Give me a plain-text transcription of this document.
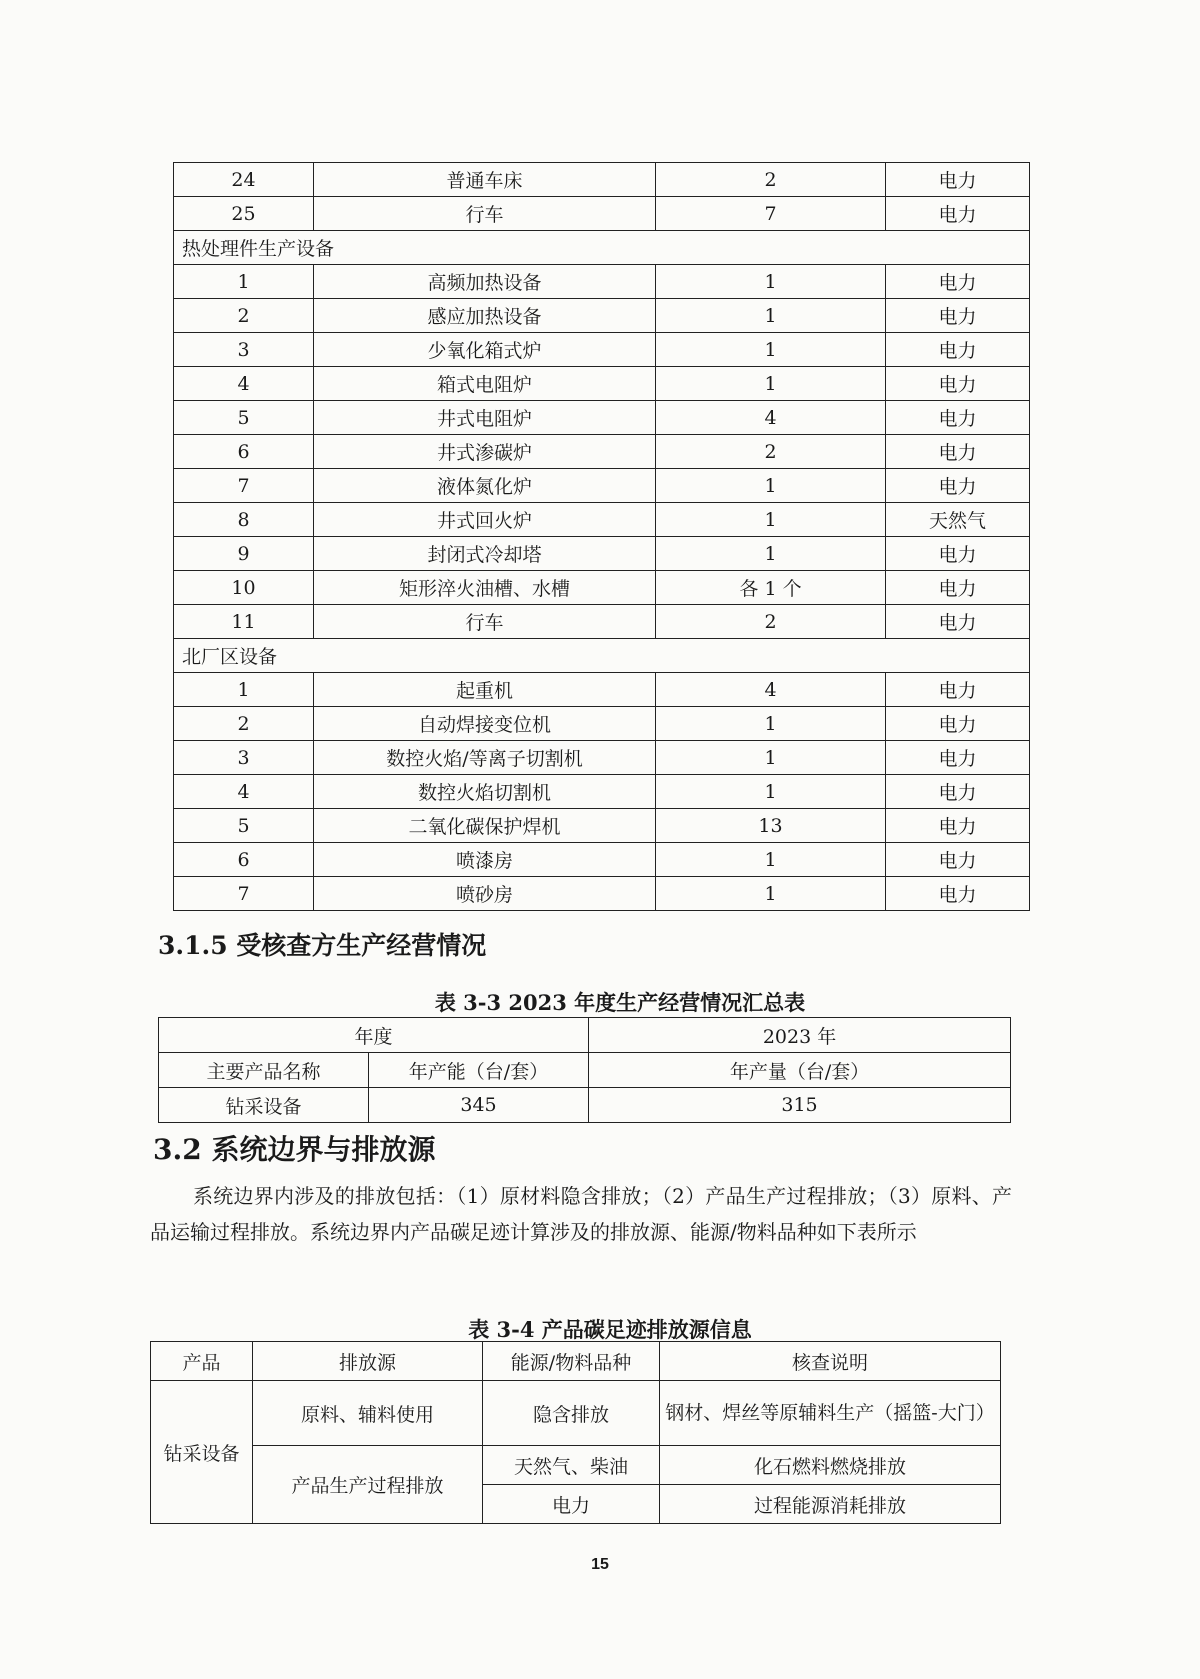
24	普通车床	2	电力
25	行车	7	电力
热处理件生产设备			
1	高频加热设备	1	电力
2	感应加热设备	1	电力
3	少氧化箱式炉	1	电力
4	箱式电阻炉	1	电力
5	井式电阻炉	4	电力
6	井式渗碳炉	2	电力
7	液体氮化炉	1	电力
8	井式回火炉	1	天然气
9	封闭式冷却塔	1	电力
10	矩形淬火油槽、水槽	各 1 个	电力
11	行车	2	电力
北厂区设备			
1	起重机	4	电力
2	自动焊接变位机	1	电力
3	数控火焰/等离子切割机	1	电力
4	数控火焰切割机	1	电力
5	二氧化碳保护焊机	13	电力
6	喷漆房	1	电力
7	喷砂房	1	电力
3.1.5 受核查方生产经营情况
表 3-3 2023 年度生产经营情况汇总表
年度		2023 年
主要产品名称	年产能（台/套）	年产量（台/套）
钻采设备	345	315
3.2 系统边界与排放源
系统边界内涉及的排放包括：（1）原材料隐含排放；（2）产品生产过程排放；（3）原料、产品运输过程排放。系统边界内产品碳足迹计算涉及的排放源、能源/物料品种如下表所示
表 3-4 产品碳足迹排放源信息
产品	排放源	能源/物料品种	核查说明
钻采设备	原料、辅料使用	隐含排放	钢材、焊丝等原辅料生产（摇篮-大门）
	产品生产过程排放	天然气、柴油	化石燃料燃烧排放
		电力	过程能源消耗排放
15
